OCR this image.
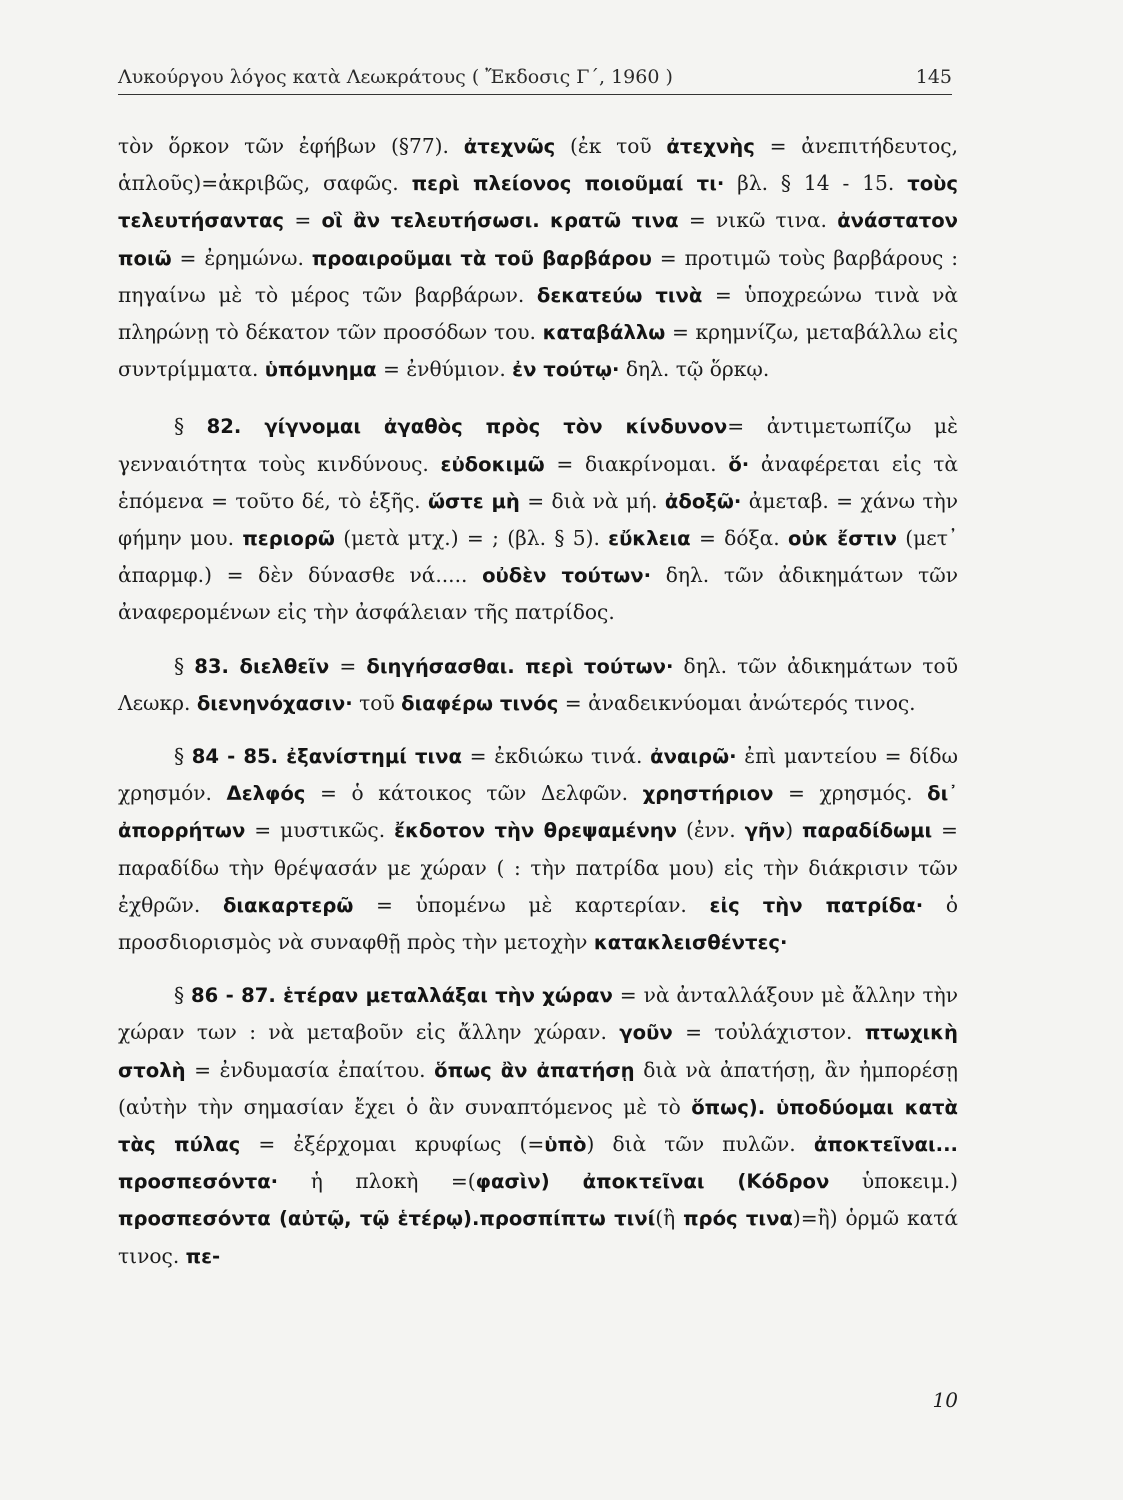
Λυκούργου λόγος κατὰ Λεωκράτους ( Ἔκδοσις Γ΄, 1960 )	145

τὸν ὅρκον τῶν ἐφήβων (§77). ἀτεχνῶς (ἐκ τοῦ ἀτεχνὴς = ἀνεπιτήδευτος, ἁπλοῦς)=ἀκριβῶς, σαφῶς. περὶ πλείονος ποιοῦμαί τι· βλ. § 14 - 15. τοὺς τελευτήσαντας = οἳ ἂν τελευτήσωσι. κρατῶ τινα = νικῶ τινα. ἀνάστατον ποιῶ = ἐρημώνω. προαιροῦμαι τὰ τοῦ βαρβάρου = προτιμῶ τοὺς βαρβάρους : πηγαίνω μὲ τὸ μέρος τῶν βαρβάρων. δεκατεύω τινὰ = ὑποχρεώνω τινὰ νὰ πληρώνῃ τὸ δέκατον τῶν προσόδων του. καταβάλλω = κρημνίζω, μεταβάλλω εἰς συντρίμματα. ὑπόμνημα = ἐνθύμιον. ἐν τούτῳ· δηλ. τῷ ὅρκῳ.

§ 82. γίγνομαι ἀγαθὸς πρὸς τὸν κίνδυνον= ἀντιμετωπίζω μὲ γενναιότητα τοὺς κινδύνους. εὐδοκιμῶ = διακρίνομαι. ὅ· ἀναφέρεται εἰς τὰ ἑπόμενα = τοῦτο δέ, τὸ ἑξῆς. ὥστε μὴ = διὰ νὰ μή. ἀδοξῶ· ἀμεταβ. = χάνω τὴν φήμην μου. περιορῶ (μετὰ μτχ.) = ; (βλ. § 5). εὔκλεια = δόξα. οὐκ ἔστιν (μετ᾽ ἀπαρμφ.) = δὲν δύνασθε νά..... οὐδὲν τούτων· δηλ. τῶν ἀδικημάτων τῶν ἀναφερομένων εἰς τὴν ἀσφάλειαν τῆς πατρίδος.

§ 83. διελθεῖν = διηγήσασθαι. περὶ τούτων· δηλ. τῶν ἀδικημάτων τοῦ Λεωκρ. διενηνόχασιν· τοῦ διαφέρω τινός = ἀναδεικνύομαι ἀνώτερός τινος.

§ 84 - 85. ἐξανίστημί τινα = ἐκδιώκω τινά. ἀναιρῶ· ἐπὶ μαντείου = δίδω χρησμόν. Δελφός = ὁ κάτοικος τῶν Δελφῶν. χρηστήριον = χρησμός. δι᾽ ἀπορρήτων = μυστικῶς. ἔκδοτον τὴν θρεψαμένην (ἐνν. γῆν) παραδίδωμι = παραδίδω τὴν θρέψασάν με χώραν ( : τὴν πατρίδα μου) εἰς τὴν διάκρισιν τῶν ἐχθρῶν. διακαρτερῶ = ὑπομένω μὲ καρτερίαν. εἰς τὴν πατρίδα· ὁ προσδιορισμὸς νὰ συναφθῇ πρὸς τὴν μετοχὴν κατακλεισθέντες·

§ 86 - 87. ἑτέραν μεταλλάξαι τὴν χώραν = νὰ ἀνταλλάξουν μὲ ἄλλην τὴν χώραν των : νὰ μεταβοῦν εἰς ἄλλην χώραν. γοῦν = τοὐλάχιστον. πτωχικὴ στολὴ = ἐνδυμασία ἐπαίτου. ὅπως ἂν ἀπατήσῃ διὰ νὰ ἀπατήσῃ, ἂν ἠμπορέσῃ (αὐτὴν τὴν σημασίαν ἔχει ὁ ἂν συναπτόμενος μὲ τὸ ὅπως). ὑποδύομαι κατὰ τὰς πύλας = ἐξέρχομαι κρυφίως (=ὑπὸ) διὰ τῶν πυλῶν. ἀποκτεῖναι... προσπεσόντα· ἡ πλοκὴ =(φασὶν) ἀποκτεῖναι (Κόδρον ὑποκειμ.) προσπεσόντα (αὐτῷ, τῷ ἑτέρῳ).προσπίπτω τινί(ἢ πρός τινα)=ἢ) ὁρμῶ κατά τινος. πε-

10
